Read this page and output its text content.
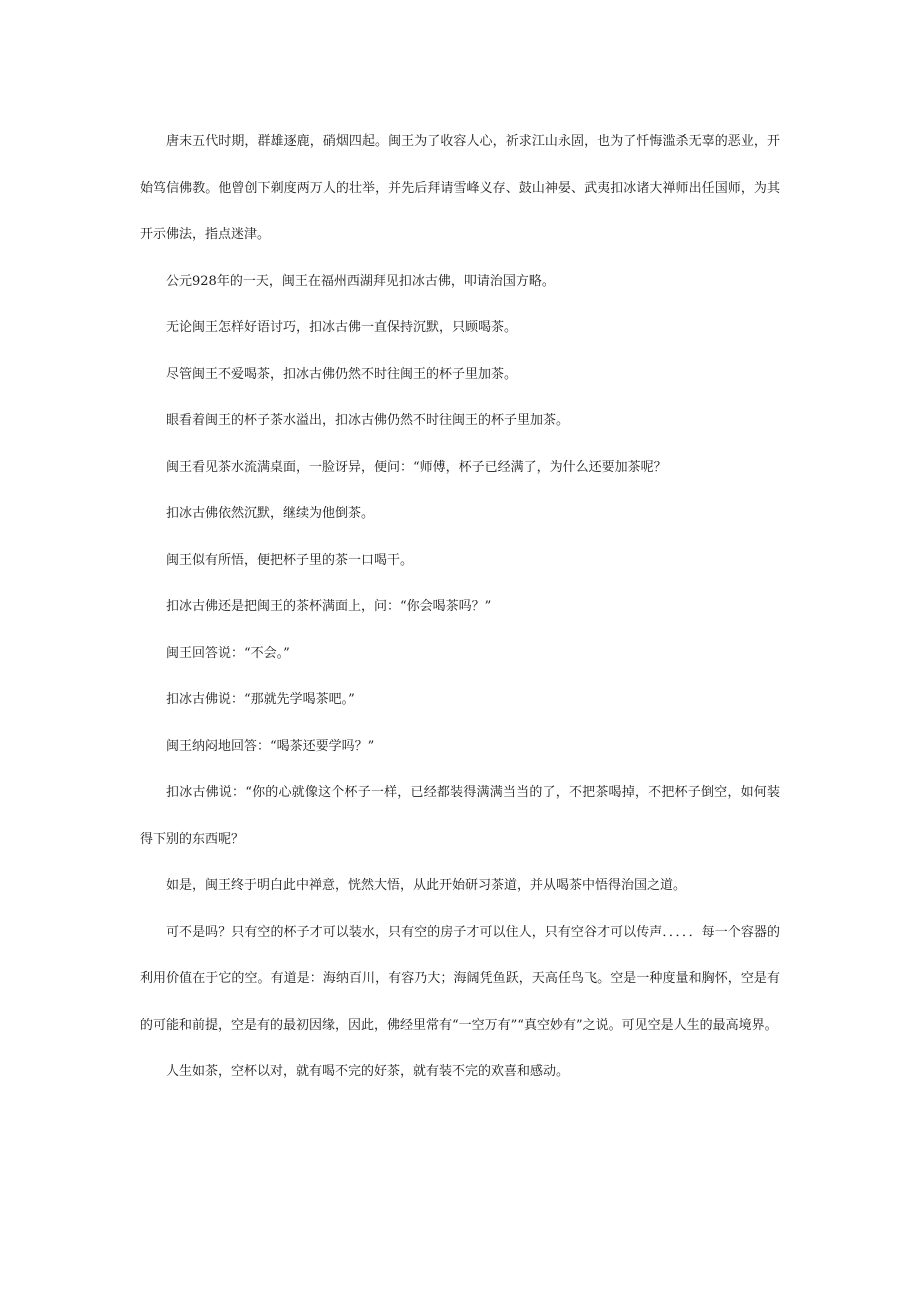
唐末五代时期，群雄逐鹿，硝烟四起。闽王为了收容人心，祈求江山永固，也为了忏悔滥杀无辜的恶业，开始笃信佛教。他曾创下剃度两万人的壮举，并先后拜请雪峰义存、鼓山神晏、武夷扣冰诸大禅师出任国师，为其开示佛法，指点迷津。

公元928年的一天，闽王在福州西湖拜见扣冰古佛，叩请治国方略。

无论闽王怎样好语讨巧，扣冰古佛一直保持沉默，只顾喝茶。

尽管闽王不爱喝茶，扣冰古佛仍然不时往闽王的杯子里加茶。

眼看着闽王的杯子茶水溢出，扣冰古佛仍然不时往闽王的杯子里加茶。

闽王看见茶水流满桌面，一脸讶异，便问：“师傅，杯子已经满了，为什么还要加茶呢？

扣冰古佛依然沉默，继续为他倒茶。

闽王似有所悟，便把杯子里的茶一口喝干。

扣冰古佛还是把闽王的茶杯满面上，问：“你会喝茶吗？”

闽王回答说：“不会。”

扣冰古佛说：“那就先学喝茶吧。”

闽王纳闷地回答：“喝茶还要学吗？”

扣冰古佛说：“你的心就像这个杯子一样，已经都装得满满当当的了，不把茶喝掉，不把杯子倒空，如何装得下别的东西呢？

如是，闽王终于明白此中禅意，恍然大悟，从此开始研习茶道，并从喝茶中悟得治国之道。

可不是吗？只有空的杯子才可以装水，只有空的房子才可以住人，只有空谷才可以传声．．．．．每一个容器的利用价值在于它的空。有道是：海纳百川，有容乃大；海阔凭鱼跃，天高任鸟飞。空是一种度量和胸怀，空是有的可能和前提，空是有的最初因缘，因此，佛经里常有“一空万有”“真空妙有”之说。可见空是人生的最高境界。

人生如茶，空杯以对，就有喝不完的好茶，就有装不完的欢喜和感动。
